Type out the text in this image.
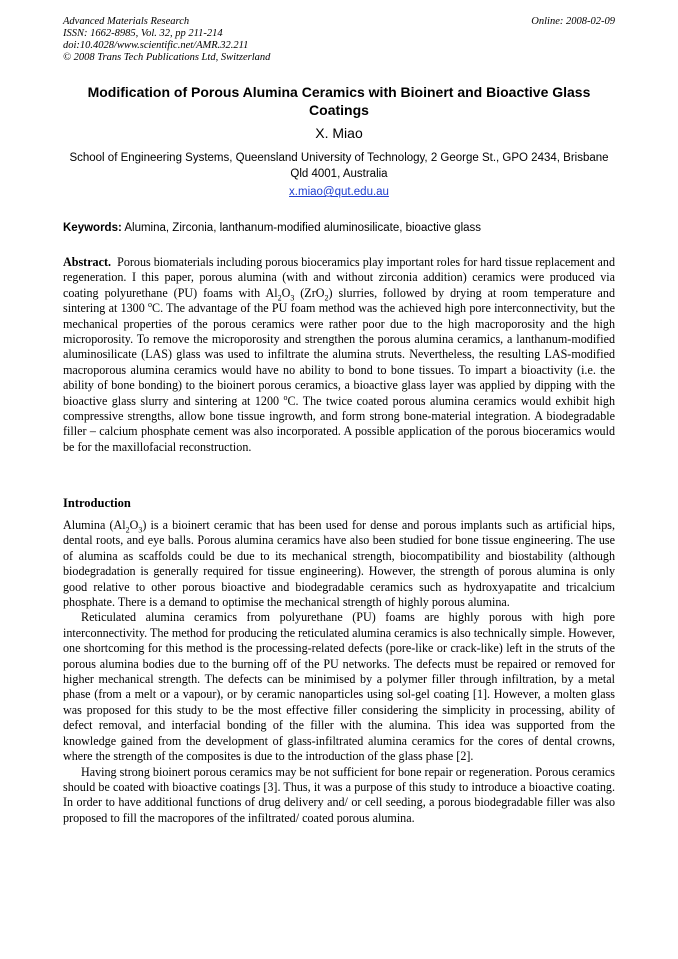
Advanced Materials Research
ISSN: 1662-8985, Vol. 32, pp 211-214
doi:10.4028/www.scientific.net/AMR.32.211
© 2008 Trans Tech Publications Ltd, Switzerland
Online: 2008-02-09
Modification of Porous Alumina Ceramics with Bioinert and Bioactive Glass Coatings
X. Miao
School of Engineering Systems, Queensland University of Technology, 2 George St., GPO 2434, Brisbane Qld 4001, Australia
x.miao@qut.edu.au
Keywords: Alumina, Zirconia, lanthanum-modified aluminosilicate, bioactive glass

Abstract. Porous biomaterials including porous bioceramics play important roles for hard tissue replacement and regeneration. I this paper, porous alumina (with and without zirconia addition) ceramics were produced via coating polyurethane (PU) foams with $Al_2O_3$ (ZrO$_2$) slurries, followed by drying at room temperature and sintering at 1300 $^o$C. The advantage of the PU foam method was the achieved high pore interconnectivity, but the mechanical properties of the porous ceramics were rather poor due to the high macroporosity and the high microporosity. To remove the microporosity and strengthen the porous alumina ceramics, a lanthanum-modified aluminosilicate (LAS) glass was used to infiltrate the alumina struts. Nevertheless, the resulting LAS-modified macroporous alumina ceramics would have no ability to bond to bone tissues. To impart a bioactivity (i.e. the ability of bone bonding) to the bioinert porous ceramics, a bioactive glass layer was applied by dipping with the bioactive glass slurry and sintering at 1200 $^o$C. The twice coated porous alumina ceramics would exhibit high compressive strengths, allow bone tissue ingrowth, and form strong bone-material integration. A biodegradable filler – calcium phosphate cement was also incorporated. A possible application of the porous bioceramics would be for the maxillofacial reconstruction.

Introduction

Alumina $(Al_2O_3)$ is a bioinert ceramic that has been used for dense and porous implants such as artificial hips, dental roots, and eye balls. Porous alumina ceramics have also been studied for bone tissue engineering. The use of alumina as scaffolds could be due to its mechanical strength, biocompatibility and biostability (although biodegradation is generally required for tissue engineering). However, the strength of porous alumina is only good relative to other porous bioactive and biodegradable ceramics such as hydroxyapatite and tricalcium phosphate. There is a demand to optimise the mechanical strength of highly porous alumina.

Reticulated alumina ceramics from polyurethane (PU) foams are highly porous with high pore interconnectivity. The method for producing the reticulated alumina ceramics is also technically simple. However, one shortcoming for this method is the processing-related defects (pore-like or crack-like) left in the struts of the porous alumina bodies due to the burning off of the PU networks. The defects must be repaired or removed for higher mechanical strength. The defects can be minimised by a polymer filler through infiltration, by a metal phase (from a melt or a vapour), or by ceramic nanoparticles using sol-gel coating [1]. However, a molten glass was proposed for this study to be the most effective filler considering the simplicity in processing, ability of defect removal, and interfacial bonding of the filler with the alumina. This idea was supported from the knowledge gained from the development of glass-infiltrated alumina ceramics for the cores of dental crowns, where the strength of the composites is due to the introduction of the glass phase [2].

Having strong bioinert porous ceramics may be not sufficient for bone repair or regeneration. Porous ceramics should be coated with bioactive coatings [3]. Thus, it was a purpose of this study to introduce a bioactive coating. In order to have additional functions of drug delivery and/ or cell seeding, a porous biodegradable filler was also proposed to fill the macropores of the infiltrated/ coated porous alumina.
